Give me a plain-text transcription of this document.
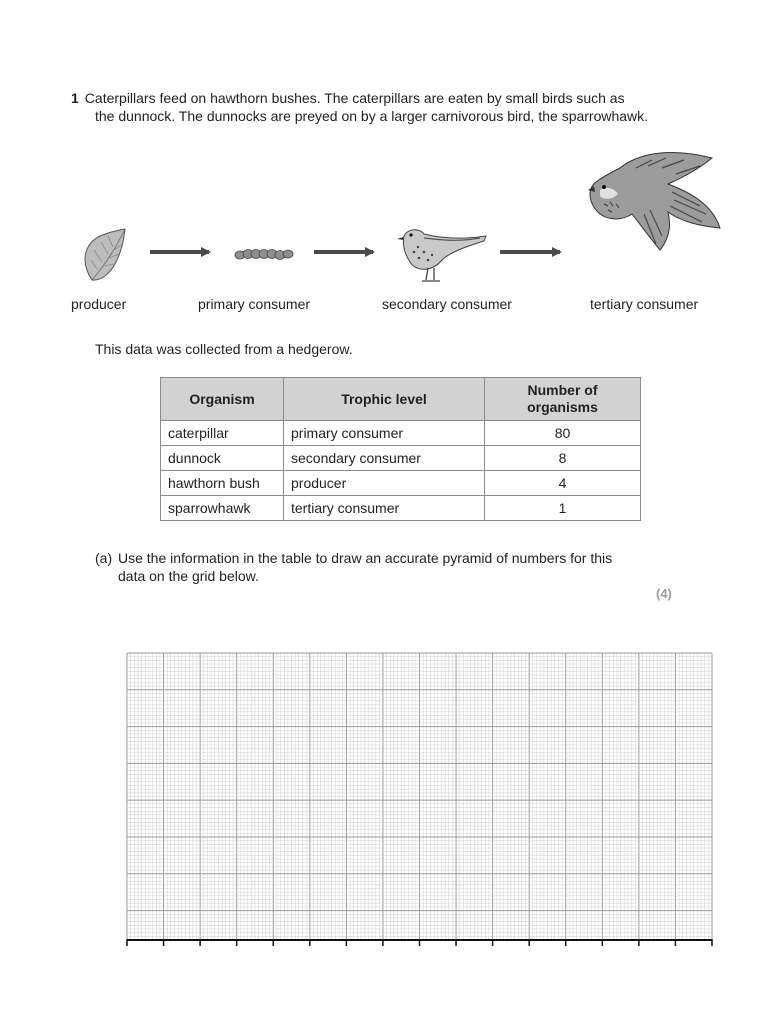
1 Caterpillars feed on hawthorn bushes. The caterpillars are eaten by small birds such as
the dunnock. The dunnocks are preyed on by a larger carnivorous bird, the sparrowhawk.
producer	primary consumer	secondary consumer	tertiary consumer
This data was collected from a hedgerow.
Organism	Trophic level	Number of organisms
caterpillar	primary consumer	80
dunnock	secondary consumer	8
hawthorn bush	producer	4
sparrowhawk	tertiary consumer	1
(a) Use the information in the table to draw an accurate pyramid of numbers for this
data on the grid below.
(4)
